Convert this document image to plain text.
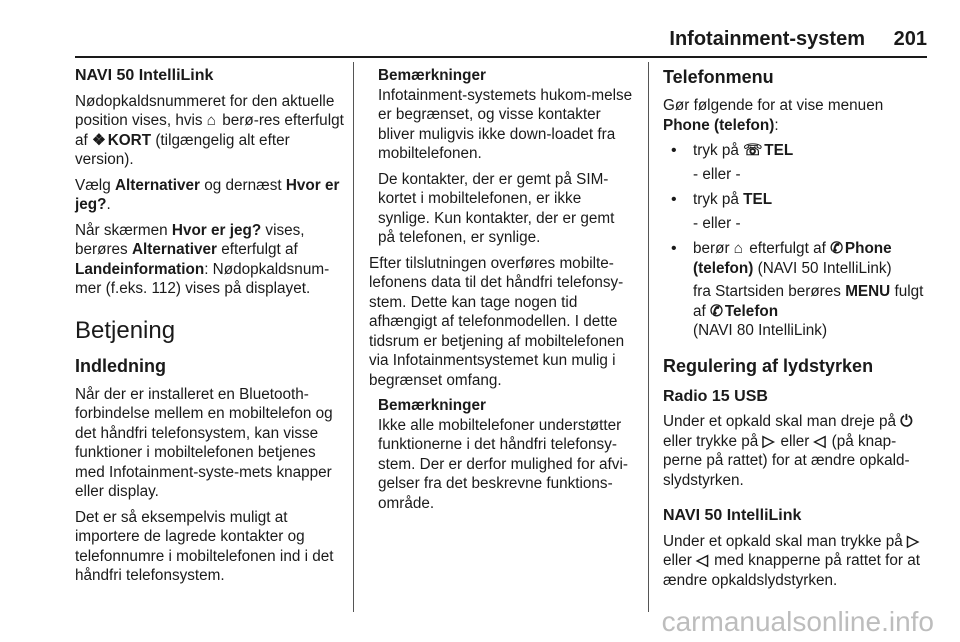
Infotainment-system 201
NAVI 50 IntelliLink

Nødopkaldsnummeret for den aktuelle position vises, hvis ⌂ berø-res efterfulgt af ❖ KORT (tilgængelig alt efter version).

Vælg Alternativer og dernæst Hvor er jeg?.

Når skærmen Hvor er jeg? vises, berøres Alternativer efterfulgt af Landeinformation: Nødopkaldsnum-mer (f.eks. 112) vises på displayet.

Betjening
Indledning

Når der er installeret en Bluetooth-forbindelse mellem en mobiltelefon og det håndfri telefonsystem, kan visse funktioner i mobiltelefonen betjenes med Infotainment-syste-mets knapper eller display.

Det er så eksempelvis muligt at importere de lagrede kontakter og telefonnumre i mobiltelefonen ind i det håndfri telefonsystem.

Bemærkninger

Infotainment-systemets hukom-melse er begrænset, og visse kontakter bliver muligvis ikke down-loadet fra mobiltelefonen.

De kontakter, der er gemt på SIM-kortet i mobiltelefonen, er ikke synlige. Kun kontakter, der er gemt på telefonen, er synlige.

Efter tilslutningen overføres mobilte-lefonens data til det håndfri telefonsy-stem. Dette kan tage nogen tid afhængigt af telefonmodellen. I dette tidsrum er betjening af mobiltelefonen via Infotainmentsystemet kun mulig i begrænset omfang.

Bemærkninger

Ikke alle mobiltelefoner understøtter funktionerne i det håndfri telefonsy-stem. Der er derfor mulighed for afvi-gelser fra det beskrevne funktions-område.

Telefonmenu

Gør følgende for at vise menuen Phone (telefon):

• tryk på ☏ TEL
- eller -
• tryk på TEL
- eller -
• berør ⌂ efterfulgt af ✆ Phone (telefon) (NAVI 50 IntelliLink)
fra Startsiden berøres MENU fulgt af ✆ Telefon
(NAVI 80 IntelliLink)
Regulering af lydstyrken
Radio 15 USB

Under et opkald skal man dreje på ⏻ eller trykke på ▷ eller ◁ (på knap-perne på rattet) for at ændre opkald-slydstyrken.

NAVI 50 IntelliLink

Under et opkald skal man trykke på ▷ eller ◁ med knapperne på rattet for at ændre opkaldslydstyrken.

carmanualsonline.info
